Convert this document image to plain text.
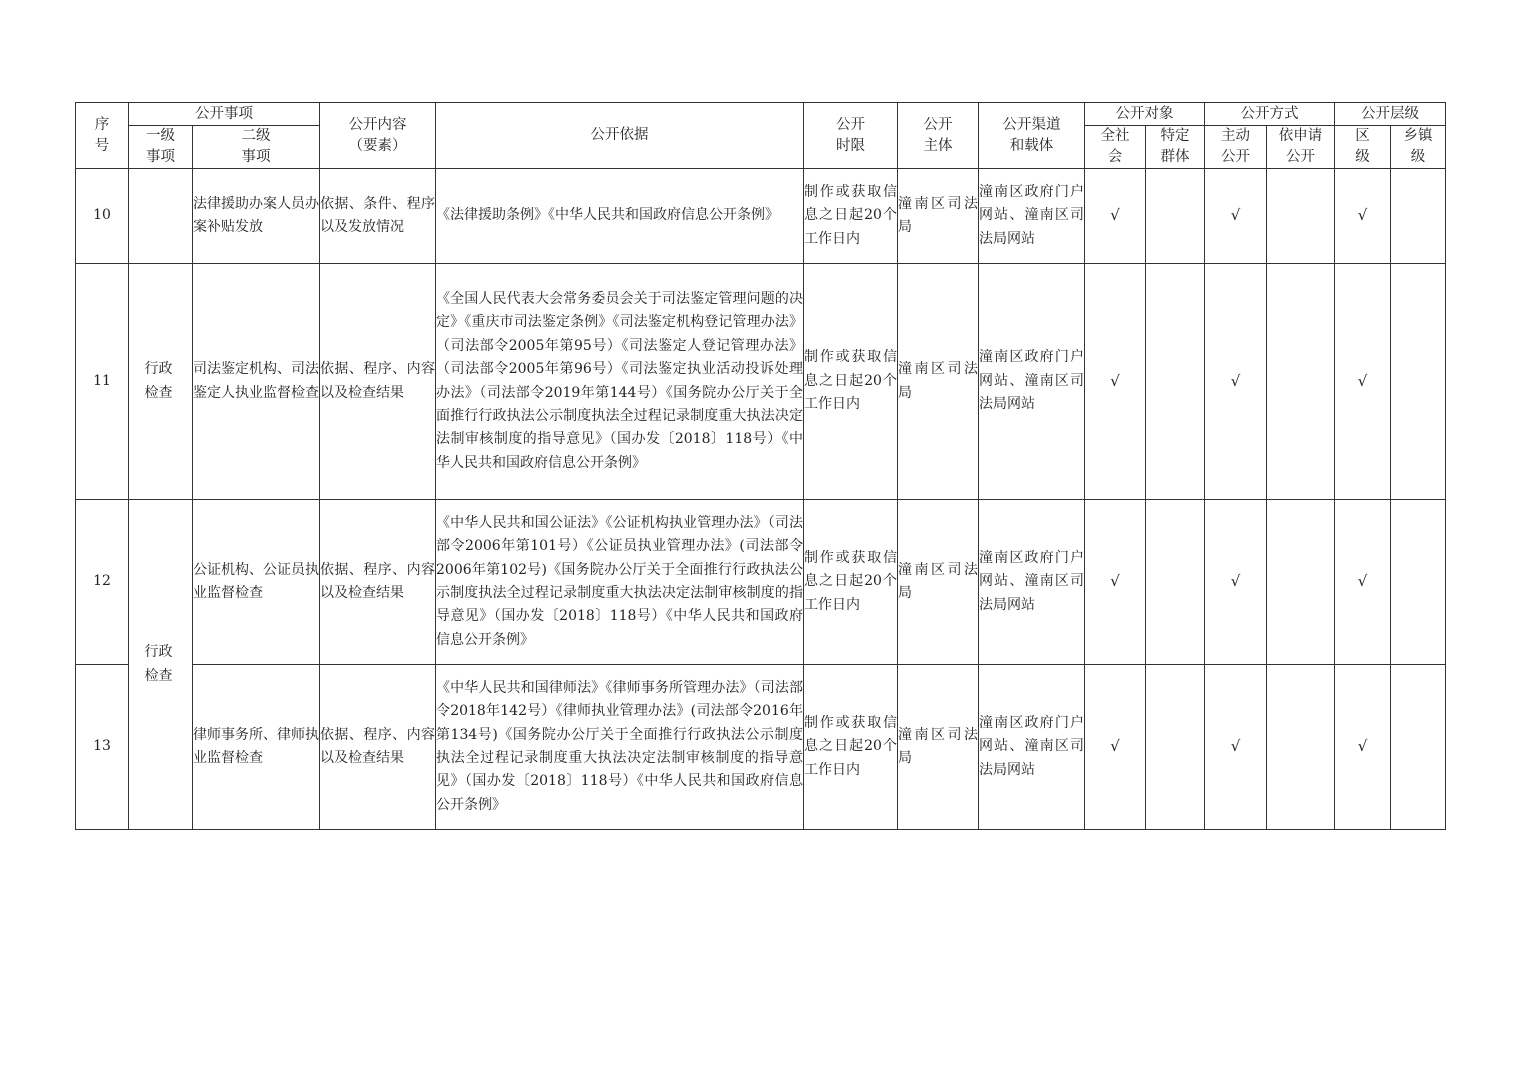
序号	公开事项		公开内容（要素）	公开依据	公开时限	公开主体	公开渠道和载体	公开对象		公开方式		公开层级	

	一级事项	二级事项						全社会	特定群体	主动公开	依申请公开	区级	乡镇级

10		法律援助办案人员办案补贴发放	依据、条件、程序以及发放情况	《法律援助条例》《中华人民共和国政府信息公开条例》	制作或获取信息之日起20个工作日内	潼南区司法局	潼南区政府门户网站、潼南区司法局网站	√		√		√	
11	行政检查	司法鉴定机构、司法鉴定人执业监督检查	依据、程序、内容以及检查结果	《全国人民代表大会常务委员会关于司法鉴定管理问题的决定》《重庆市司法鉴定条例》《司法鉴定机构登记管理办法》（司法部令2005年第95号）《司法鉴定人登记管理办法》（司法部令2005年第96号）《司法鉴定执业活动投诉处理办法》（司法部令2019年第144号）《国务院办公厅关于全面推行行政执法公示制度执法全过程记录制度重大执法决定法制审核制度的指导意见》（国办发〔2018〕118号）《中华人民共和国政府信息公开条例》	制作或获取信息之日起20个工作日内	潼南区司法局	潼南区政府门户网站、潼南区司法局网站	√		√		√	
12	行政检查	公证机构、公证员执业监督检查	依据、程序、内容以及检查结果	《中华人民共和国公证法》《公证机构执业管理办法》（司法部令2006年第101号）《公证员执业管理办法》(司法部令2006年第102号)《国务院办公厅关于全面推行行政执法公示制度执法全过程记录制度重大执法决定法制审核制度的指导意见》（国办发〔2018〕118号）《中华人民共和国政府信息公开条例》	制作或获取信息之日起20个工作日内	潼南区司法局	潼南区政府门户网站、潼南区司法局网站	√		√		√	
13		律师事务所、律师执业监督检查	依据、程序、内容以及检查结果	《中华人民共和国律师法》《律师事务所管理办法》（司法部令2018年142号）《律师执业管理办法》(司法部令2016年第134号)《国务院办公厅关于全面推行行政执法公示制度执法全过程记录制度重大执法决定法制审核制度的指导意见》（国办发〔2018〕118号）《中华人民共和国政府信息公开条例》	制作或获取信息之日起20个工作日内	潼南区司法局	潼南区政府门户网站、潼南区司法局网站	√		√		√	
